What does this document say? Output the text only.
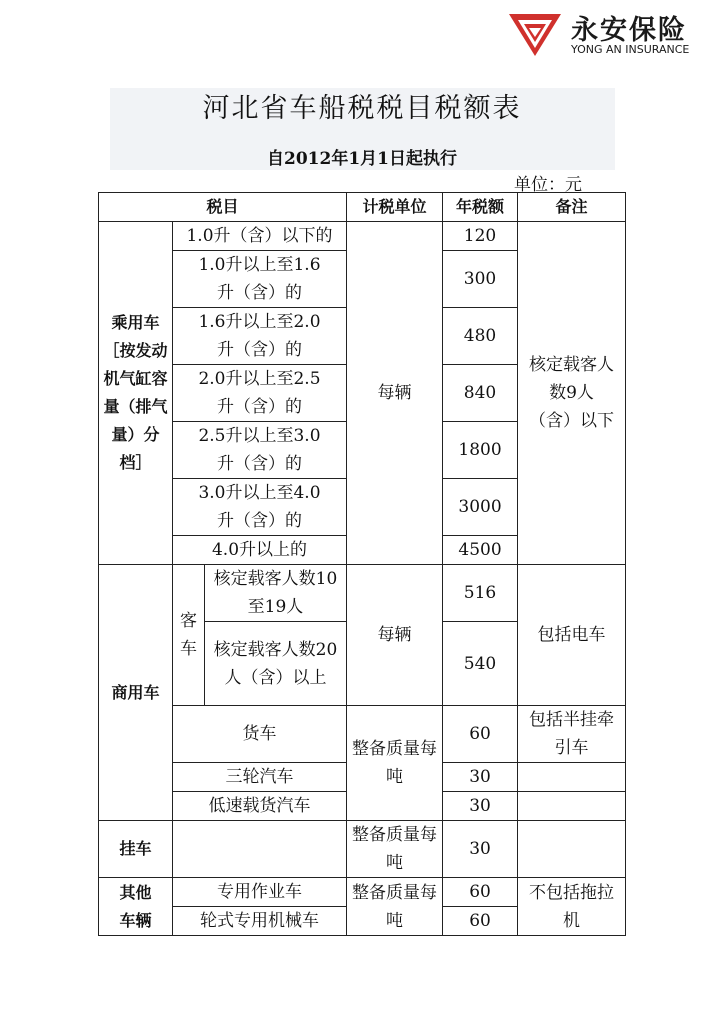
永安保险
YONG AN INSURANCE
河北省车船税税目税额表
自2012年1月1日起执行
单位：元
税目			计税单位	年税额	备注

乘用车［按发动机气缸容量（排气量）分档］	1.0升（含）以下的		每辆	120	核定载客人数9人（含）以下

	1.0升以上至1.6升（含）的			300	

	1.6升以上至2.0升（含）的			480	

	2.0升以上至2.5升（含）的			840	

	2.5升以上至3.0升（含）的			1800	

	3.0升以上至4.0升（含）的			3000	
	4.0升以上的			4500	
商用车	客车	核定载客人数10至19人	每辆	516	包括电车

		核定载客人数20人（含）以上		540	
	货车		整备质量每吨	60	包括半挂牵引车

	三轮汽车			30	
	低速载货汽车			30	
挂车			整备质量每吨	30	

其他车辆	专用作业车		整备质量每吨	60	不包括拖拉机

	轮式专用机械车			60	
